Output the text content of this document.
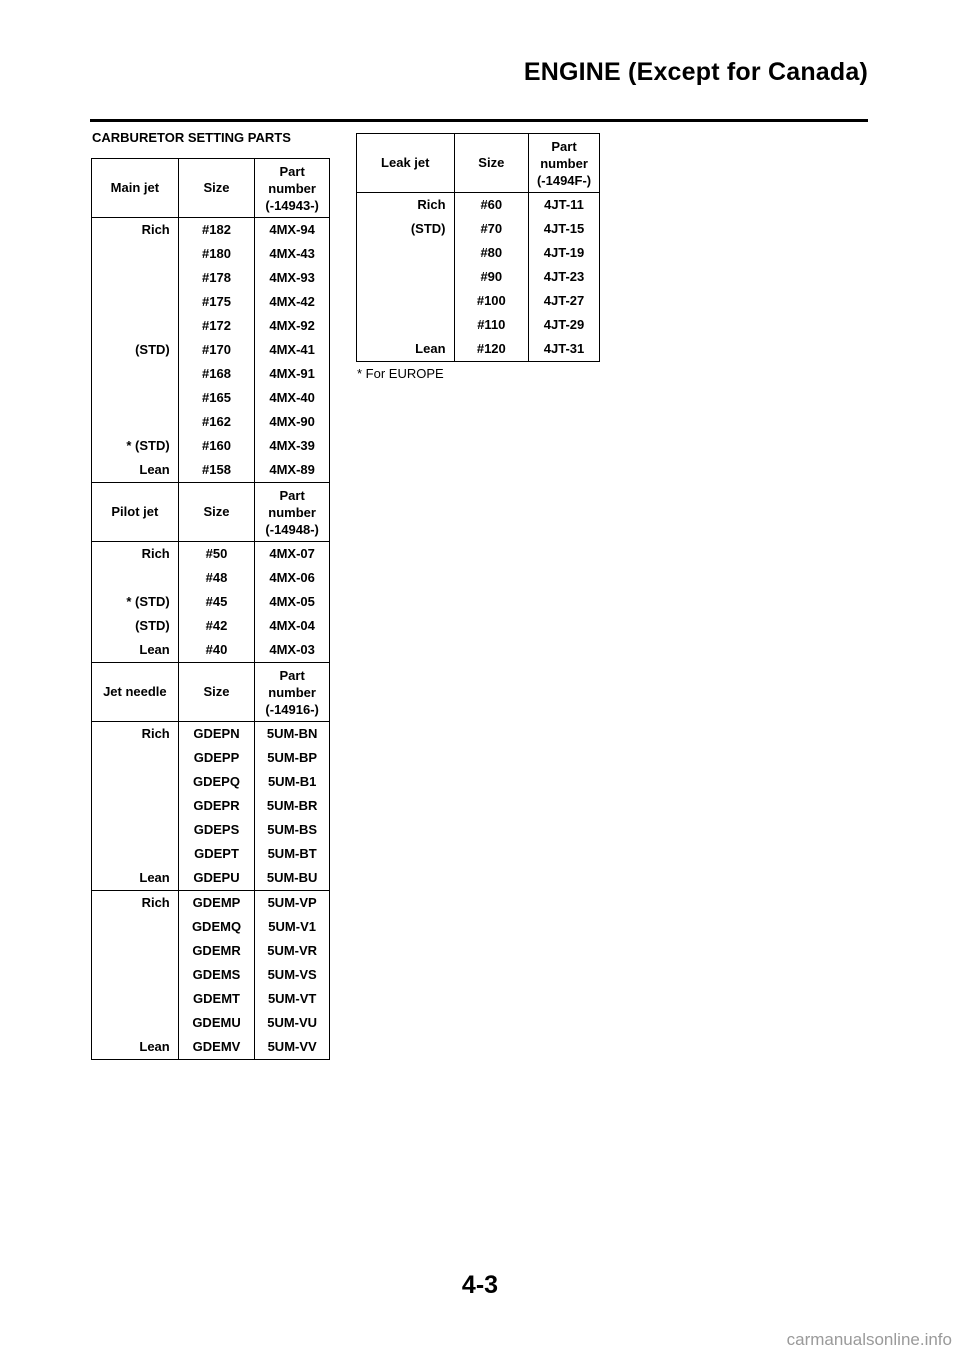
ENGINE (Except for Canada)
CARBURETOR SETTING PARTS
Main jet	Size	Part number (-14943-)
Rich	#182	4MX-94
	#180	4MX-43
	#178	4MX-93
	#175	4MX-42
	#172	4MX-92
(STD)	#170	4MX-41
	#168	4MX-91
	#165	4MX-40
	#162	4MX-90
* (STD)	#160	4MX-39
Lean	#158	4MX-89
Pilot jet	Size	Part number (-14948-)
Rich	#50	4MX-07
	#48	4MX-06
* (STD)	#45	4MX-05
(STD)	#42	4MX-04
Lean	#40	4MX-03
Jet needle	Size	Part number (-14916-)
Rich	GDEPN	5UM-BN
	GDEPP	5UM-BP
	GDEPQ	5UM-B1
	GDEPR	5UM-BR
	GDEPS	5UM-BS
	GDEPT	5UM-BT
Lean	GDEPU	5UM-BU
Rich	GDEMP	5UM-VP
	GDEMQ	5UM-V1
	GDEMR	5UM-VR
	GDEMS	5UM-VS
	GDEMT	5UM-VT
	GDEMU	5UM-VU
Lean	GDEMV	5UM-VV
Leak jet	Size	Part number (-1494F-)
Rich	#60	4JT-11
(STD)	#70	4JT-15
	#80	4JT-19
	#90	4JT-23
	#100	4JT-27
	#110	4JT-29
Lean	#120	4JT-31
* For EUROPE
4-3
carmanualsonline.info
